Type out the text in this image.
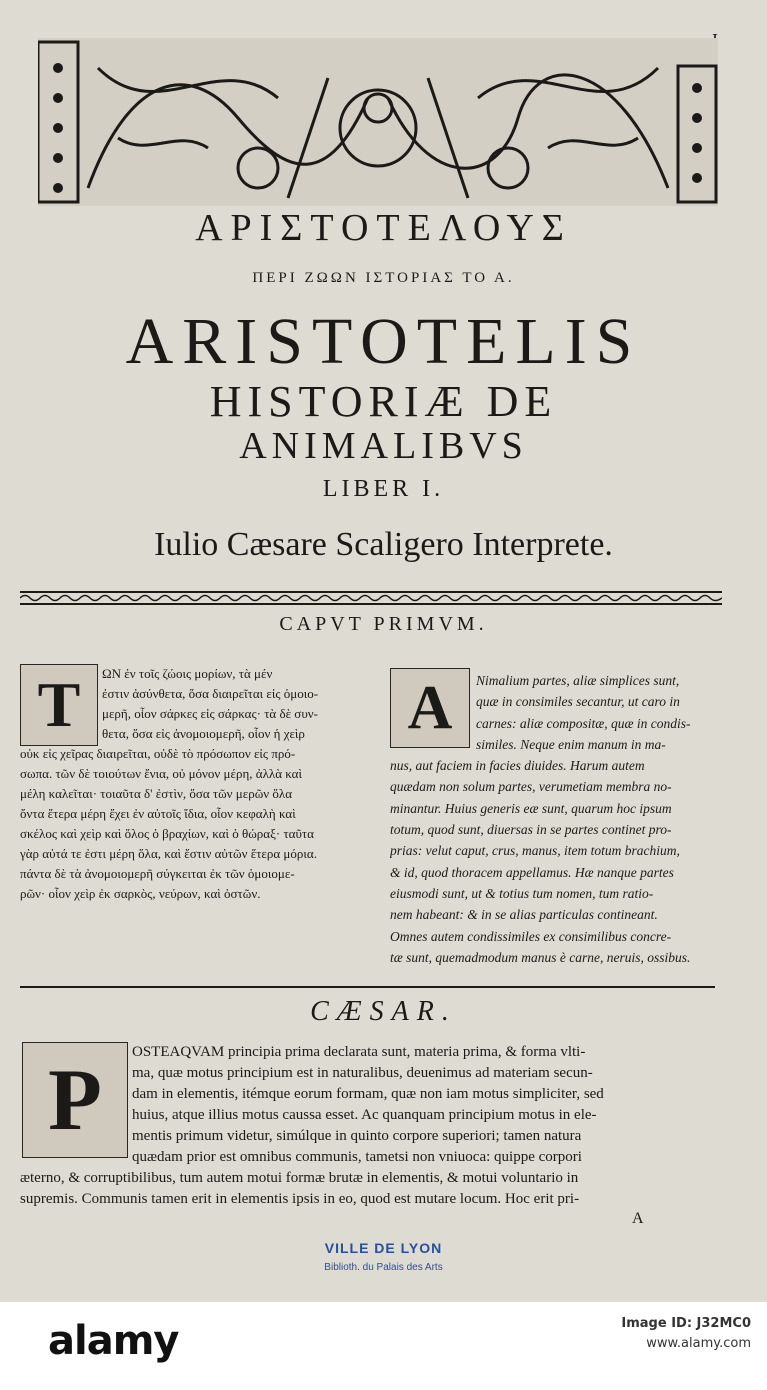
ΑΡΙΣΤΟΤΕΛΟΥΣ
ΠΕΡΙ ΖΩΩΝ ΙΣΤΟΡΙΑΣ ΤΟ Α.
ARISTOTELIS
HISTORIÆ DE
ANIMALIBVS
LIBER I.
Iulio Cæsare Scaligero Interprete.
CAPVT PRIMVM.
T	ΩΝ ἐν τοῖς ζώοις μορίων, τὰ μέν
ἐστιν ἀσύνθετα, ὅσα διαιρεῖται εἰς ὁμοιο-
μερῆ, οἷον σάρκες εἰς σάρκας· τὰ δὲ συν-
θετα, ὅσα εἰς ἀνομοιομερῆ, οἷον ἡ χεὶρ
οὐκ εἰς χεῖρας διαιρεῖται, οὐδὲ τὸ πρόσωπον εἰς πρό-
σωπα. τῶν δὲ τοιούτων ἔνια, οὐ μόνον μέρη, ἀλλὰ καὶ
μέλη καλεῖται· τοιαῦτα δ' ἐστὶν, ὅσα τῶν μερῶν ὅλα
ὄντα ἕτερα μέρη ἔχει ἐν αὐτοῖς ἴδια, οἷον κεφαλὴ καὶ
σκέλος καὶ χεὶρ καὶ ὅλος ὁ βραχίων, καὶ ὁ θώραξ· ταῦτα
γὰρ αὐτά τε ἐστι μέρη ὅλα, καὶ ἔστιν αὐτῶν ἕτερα μόρια.
πάντα δὲ τὰ ἀνομοιομερῆ σύγκειται ἐκ τῶν ὁμοιομε-
ρῶν· οἷον χεὶρ ἐκ σαρκὸς, νεύρων, καὶ ὀστῶν.
A	Nimalium partes, aliæ simplices sunt,
quæ in consimiles secantur, ut caro in
carnes: aliæ compositæ, quæ in condis-
similes. Neque enim manum in ma-
nus, aut faciem in facies diuides. Harum autem
quædam non solum partes, verumetiam membra no-
minantur. Huius generis eæ sunt, quarum hoc ipsum
totum, quod sunt, diuersas in se partes continet pro-
prias: velut caput, crus, manus, item totum brachium,
& id, quod thoracem appellamus. Hæ nanque partes
eiusmodi sunt, ut & totius tum nomen, tum ratio-
nem habeant: & in se alias particulas contineant.
Omnes autem condissimiles ex consimilibus concre-
tæ sunt, quemadmodum manus è carne, neruis, ossibus.
CÆSAR.
P	OSTEAQVAM principia prima declarata sunt, materia prima, & forma vlti-
ma, quæ motus principium est in naturalibus, deuenimus ad materiam secun-
dam in elementis, itémque eorum formam, quæ non iam motus simpliciter, sed
huius, atque illius motus caussa esset. Ac quanquam principium motus in ele-
mentis primum videtur, simúlque in quinto corpore superiori; tamen natura
quædam prior est omnibus communis, tametsi non vniuoca: quippe corpori
æterno, & corruptibilibus, tum autem motui formæ brutæ in elementis, & motui voluntario in
supremis. Communis tamen erit in elementis ipsis in eo, quod est mutare locum. Hoc erit pri-
A
VILLE DE LYON
Biblioth. du Palais des Arts
alamy	Image ID: J32MC0
www.alamy.com
